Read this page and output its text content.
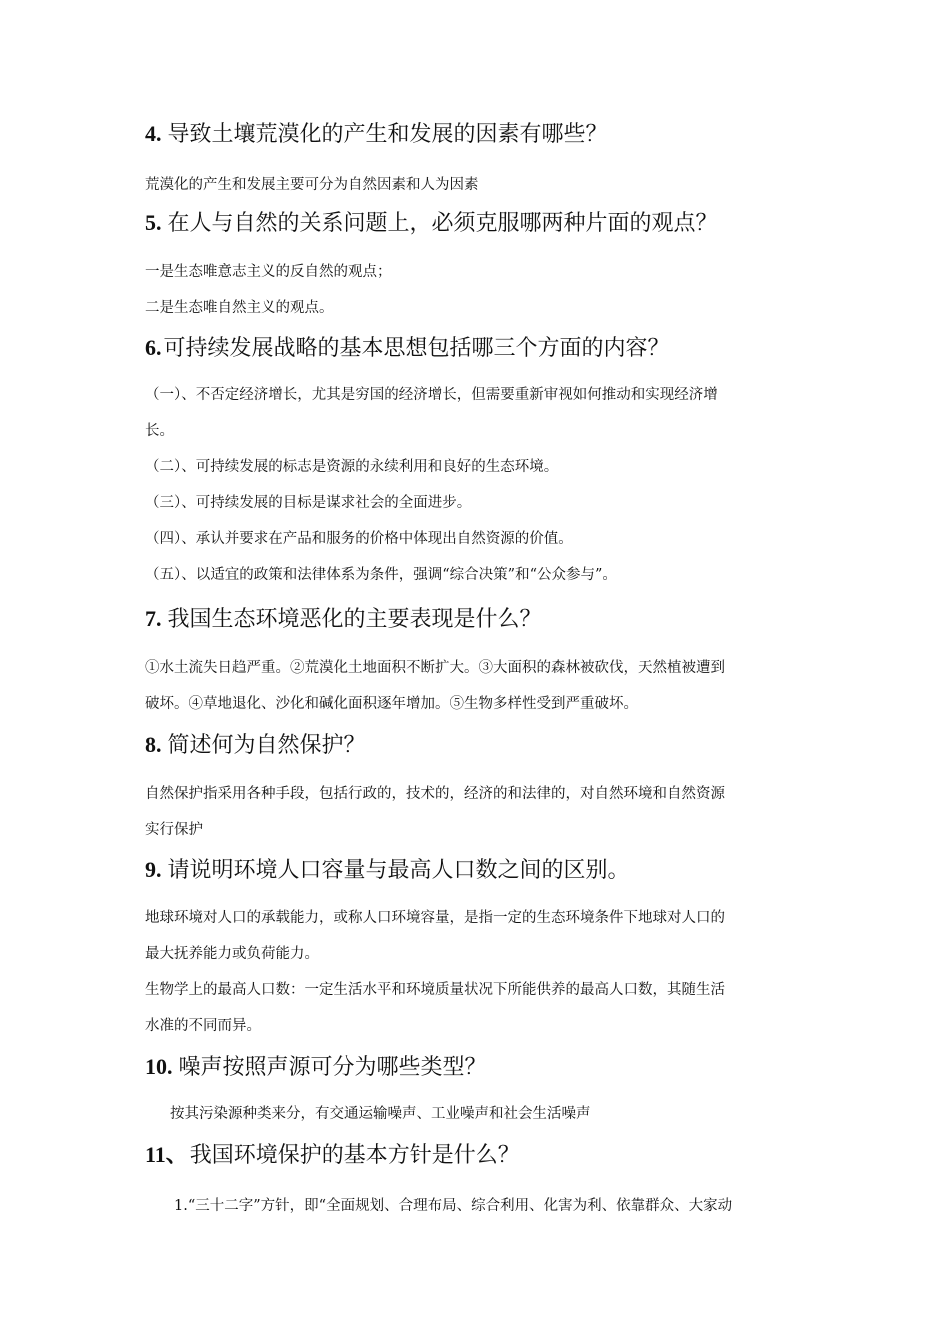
4. 导致土壤荒漠化的产生和发展的因素有哪些？
荒漠化的产生和发展主要可分为自然因素和人为因素
5. 在人与自然的关系问题上，必须克服哪两种片面的观点？
一是生态唯意志主义的反自然的观点；
二是生态唯自然主义的观点。
6.可持续发展战略的基本思想包括哪三个方面的内容？
（一）、不否定经济增长，尤其是穷国的经济增长，但需要重新审视如何推动和实现经济增
长。
（二）、可持续发展的标志是资源的永续利用和良好的生态环境。
（三）、可持续发展的目标是谋求社会的全面进步。
（四）、承认并要求在产品和服务的价格中体现出自然资源的价值。
（五）、以适宜的政策和法律体系为条件，强调“综合决策”和“公众参与”。
7. 我国生态环境恶化的主要表现是什么？
①水土流失日趋严重。②荒漠化土地面积不断扩大。③大面积的森林被砍伐，天然植被遭到
破坏。④草地退化、沙化和碱化面积逐年增加。⑤生物多样性受到严重破坏。
8. 简述何为自然保护？
自然保护指采用各种手段，包括行政的，技术的，经济的和法律的，对自然环境和自然资源
实行保护
9. 请说明环境人口容量与最高人口数之间的区别。
地球环境对人口的承载能力，或称人口环境容量，是指一定的生态环境条件下地球对人口的
最大抚养能力或负荷能力。
生物学上的最高人口数：一定生活水平和环境质量状况下所能供养的最高人口数，其随生活
水准的不同而异。
10. 噪声按照声源可分为哪些类型？
按其污染源种类来分，有交通运输噪声、工业噪声和社会生活噪声
11、我国环境保护的基本方针是什么？
1.“三十二字”方针，即“全面规划、合理布局、综合利用、化害为利、依靠群众、大家动
